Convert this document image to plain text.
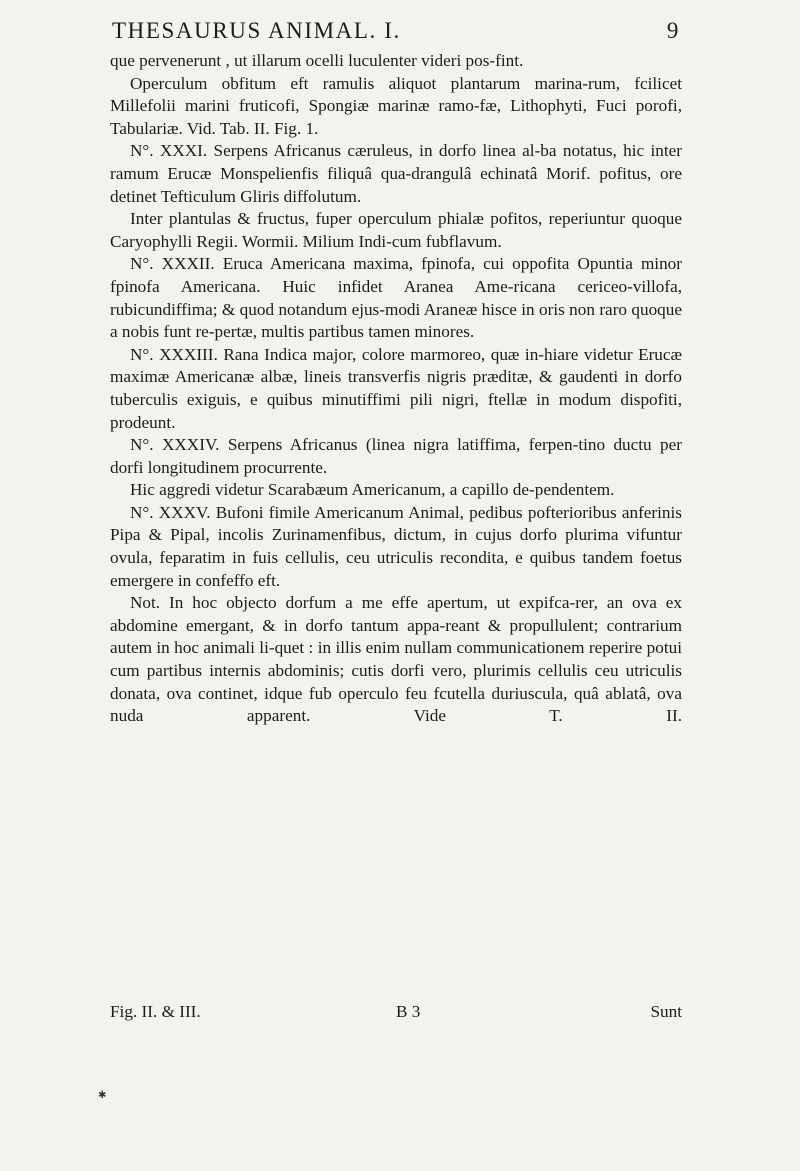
THESAURUS ANIMAL. I.	9

que pervenerunt , ut illarum ocelli luculenter videri pos-fint.

Operculum obfitum eft ramulis aliquot plantarum marina-rum, fcilicet Millefolii marini fruticofi, Spongiæ marinæ ramo-fæ, Lithophyti, Fuci porofi, Tabulariæ. Vid. Tab. II. Fig. 1.

N°. XXXI. Serpens Africanus cæruleus, in dorfo linea al-ba notatus, hic inter ramum Erucæ Monspelienfis filiquâ qua-drangulâ echinatâ Morif. pofitus, ore detinet Tefticulum Gliris diffolutum.

Inter plantulas & fructus, fuper operculum phialæ pofitos, reperiuntur quoque Caryophylli Regii. Wormii. Milium Indi-cum fubflavum.

N°. XXXII. Eruca Americana maxima, fpinofa, cui oppofita Opuntia minor fpinofa Americana. Huic infidet Aranea Ame-ricana cericeo-villofa, rubicundiffima; & quod notandum ejus-modi Araneæ hisce in oris non raro quoque a nobis funt re-pertæ, multis partibus tamen minores.

N°. XXXIII. Rana Indica major, colore marmoreo, quæ in-hiare videtur Erucæ maximæ Americanæ albæ, lineis transverfis nigris præditæ, & gaudenti in dorfo tuberculis exiguis, e quibus minutiffimi pili nigri, ftellæ in modum dispofiti, prodeunt.

N°. XXXIV. Serpens Africanus (linea nigra latiffima, ferpen-tino ductu per dorfi longitudinem procurrente.

Hic aggredi videtur Scarabæum Americanum, a capillo de-pendentem.

N°. XXXV. Bufoni fimile Americanum Animal, pedibus pofterioribus anferinis Pipa & Pipal, incolis Zurinamenfibus, dictum, in cujus dorfo plurima vifuntur ovula, feparatim in fuis cellulis, ceu utriculis recondita, e quibus tandem foetus emergere in confeffo eft.

Not. In hoc objecto dorfum a me effe apertum, ut expifca-rer, an ova ex abdomine emergant, & in dorfo tantum appa-reant & propullulent; contrarium autem in hoc animali li-quet : in illis enim nullam communicationem reperire potui cum partibus internis abdominis; cutis dorfi vero, plurimis cellulis ceu utriculis donata, ova continet, idque fub operculo feu fcutella duriuscula, quâ ablatâ, ova nuda apparent. Vide T. II.

Fig. II. & III.	B 3	Sunt
✱
